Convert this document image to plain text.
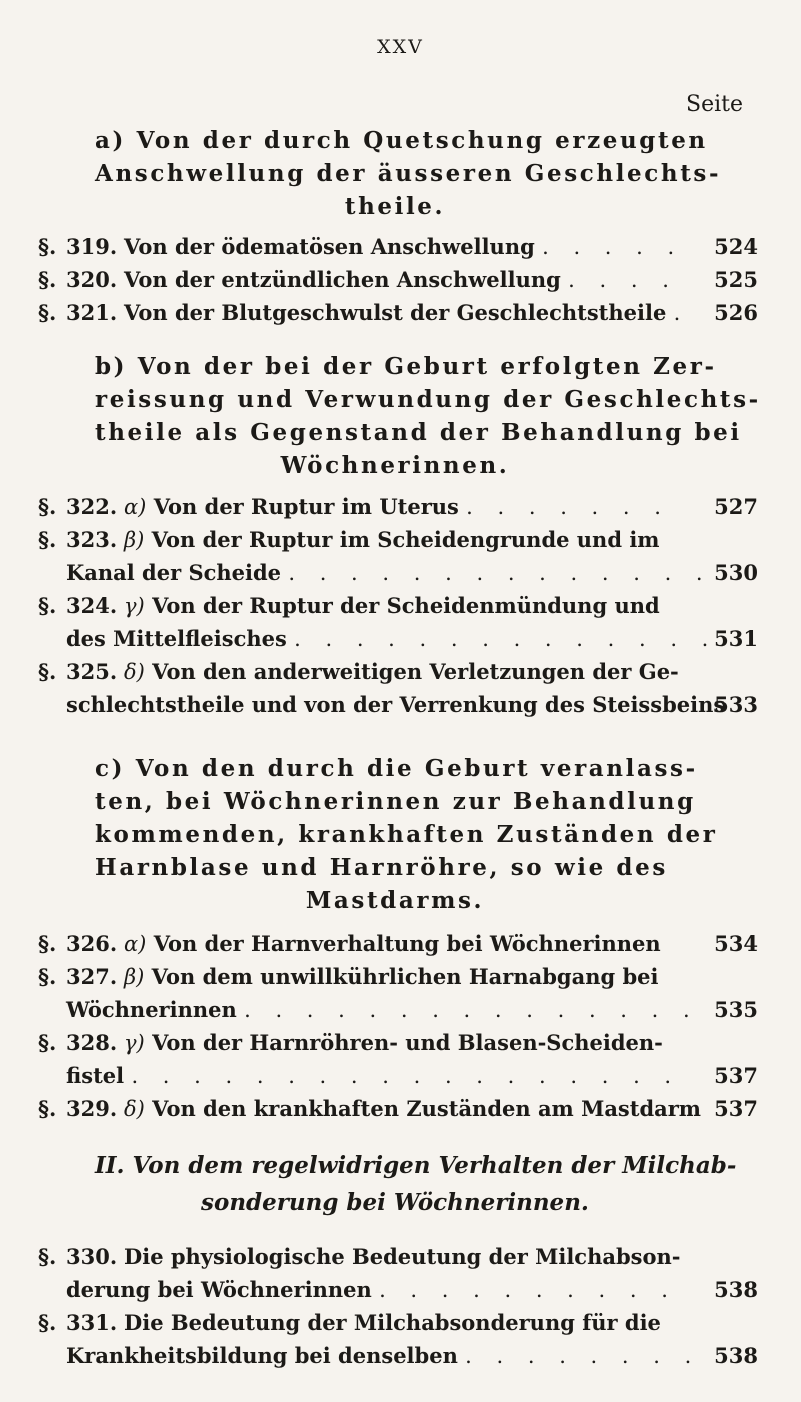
XXV
Seite
a) Von der durch Quetschung erzeugten
Anschwellung der äusseren Geschlechts-
theile.
§. 319. Von der ödematösen Anschwellung . . . . . 524
§. 320. Von der entzündlichen Anschwellung . . . . 525
§. 321. Von der Blutgeschwulst der Geschlechtstheile . 526
b) Von der bei der Geburt erfolgten Zer-
reissung und Verwundung der Geschlechts-
theile als Gegenstand der Behandlung bei
Wöchnerinnen.
§. 322. α) Von der Ruptur im Uterus . . . . . . . 527
§. 323. β) Von der Ruptur im Scheidengrunde und im
Kanal der Scheide . . . . . . . . . . . . . . 530
§. 324. γ) Von der Ruptur der Scheidenmündung und
des Mittelfleisches . . . . . . . . . . . . . .
531
§. 325. δ) Von den anderweitigen Verletzungen der Ge-
schlechtstheile und von der Verrenkung des Steissbeins
533
c) Von den durch die Geburt veranlass-
ten, bei Wöchnerinnen zur Behandlung
kommenden, krankhaften Zuständen der
Harnblase und Harnröhre, so wie des
Mastdarms.
§. 326. α) Von der Harnverhaltung bei Wöchnerinnen	534
§. 327. β) Von dem unwillkührlichen Harnabgang bei
Wöchnerinnen . . . . . . . . . . . . . . . 535
§. 328. γ) Von der Harnröhren- und Blasen-Scheiden-
fistel . . . . . . . . . . . . . . . . . . 537
§. 329. δ) Von den krankhaften Zuständen am Mastdarm 537
II. Von dem regelwidrigen Verhalten der Milchab-
sonderung bei Wöchnerinnen.
§. 330. Die physiologische Bedeutung der Milchabson-
derung bei Wöchnerinnen . . . . . . . . . . 538
§. 331. Die Bedeutung der Milchabsonderung für die
Krankheitsbildung bei denselben . . . . . . . . 538
